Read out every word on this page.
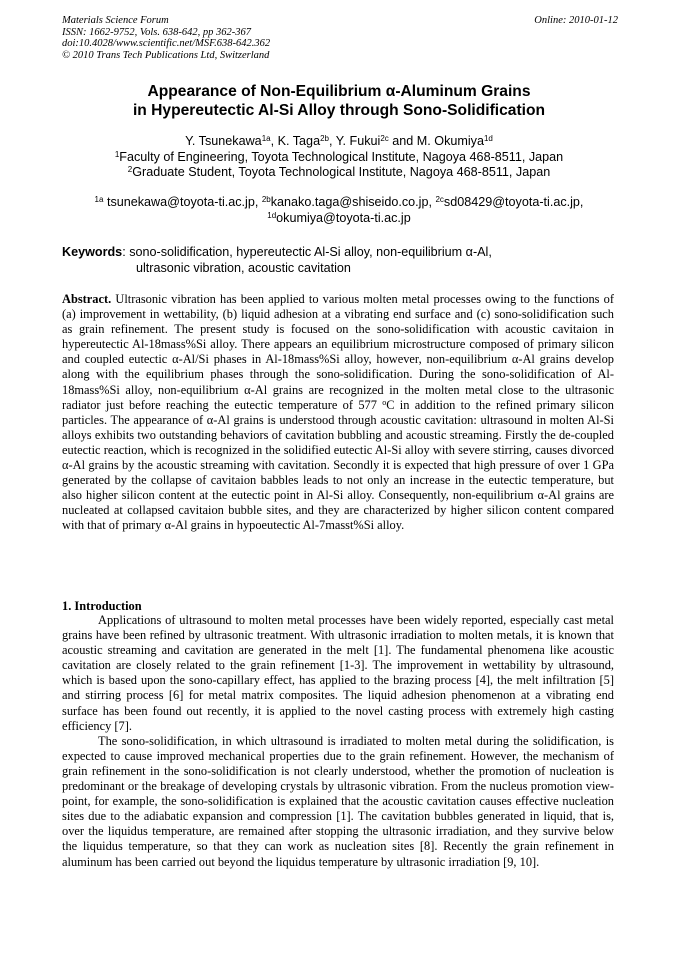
Materials Science Forum
ISSN: 1662-9752, Vols. 638-642, pp 362-367
doi:10.4028/www.scientific.net/MSF.638-642.362
© 2010 Trans Tech Publications Ltd, Switzerland
Online: 2010-01-12
Appearance of Non-Equilibrium α-Aluminum Grains
in Hypereutectic Al-Si Alloy through Sono-Solidification
Y. Tsunekawa$^{1a}$, K. Taga$^{2b}$, Y. Fukui$^{2c}$ and M. Okumiya$^{1d}$
$^1$Faculty of Engineering, Toyota Technological Institute, Nagoya 468-8511, Japan
$^2$Graduate Student, Toyota Technological Institute, Nagoya 468-8511, Japan
$^{1a}$ tsunekawa@toyota-ti.ac.jp, $^{2b}$kanako.taga@shiseido.co.jp, $^{2c}$sd08429@toyota-ti.ac.jp,
$^{1d}$okumiya@toyota-ti.ac.jp
Keywords: sono-solidification, hypereutectic Al-Si alloy, non-equilibrium α-Al,
ultrasonic vibration, acoustic cavitation
Abstract. Ultrasonic vibration has been applied to various molten metal processes owing to the functions of (a) improvement in wettability, (b) liquid adhesion at a vibrating end surface and (c) sono-solidification such as grain refinement. The present study is focused on the sono-solidification with acoustic cavitaion in hypereutectic Al-18mass%Si alloy. There appears an equilibrium microstructure composed of primary silicon and coupled eutectic α-Al/Si phases in Al-18mass%Si alloy, however, non-equilibrium α-Al grains develop along with the equilibrium phases through the sono-solidification. During the sono-solidification of Al-18mass%Si alloy, non-equilibrium α-Al grains are recognized in the molten metal close to the ultrasonic radiator just before reaching the eutectic temperature of 577 $^o$C in addition to the refined primary silicon particles. The appearance of α-Al grains is understood through acoustic cavitation: ultrasound in molten Al-Si alloys exhibits two outstanding behaviors of cavitation bubbling and acoustic streaming. Firstly the de-coupled eutectic reaction, which is recognized in the solidified eutectic Al-Si alloy with severe stirring, causes divorced α-Al grains by the acoustic streaming with cavitation. Secondly it is expected that high pressure of over 1 GPa generated by the collapse of cavitaion babbles leads to not only an increase in the eutectic temperature, but also higher silicon content at the eutectic point in Al-Si alloy. Consequently, non-equilibrium α-Al grains are nucleated at collapsed cavitaion bubble sites, and they are characterized by higher silicon content compared with that of primary α-Al grains in hypoeutectic Al-7masst%Si alloy.
1. Introduction

Applications of ultrasound to molten metal processes have been widely reported, especially cast metal grains have been refined by ultrasonic treatment. With ultrasonic irradiation to molten metals, it is known that acoustic streaming and cavitation are generated in the melt [1]. The fundamental phenomena like acoustic cavitation are closely related to the grain refinement [1-3]. The improvement in wettability by ultrasound, which is based upon the sono-capillary effect, has applied to the brazing process [4], the melt infiltration [5] and stirring process [6] for metal matrix composites. The liquid adhesion phenomenon at a vibrating end surface has been found out recently, it is applied to the novel casting process with extremely high casting efficiency [7].

The sono-solidification, in which ultrasound is irradiated to molten metal during the solidification, is expected to cause improved mechanical properties due to the grain refinement. However, the mechanism of grain refinement in the sono-solidification is not clearly understood, whether the promotion of nucleation is predominant or the breakage of developing crystals by ultrasonic vibration. From the nucleus promotion view-point, for example, the sono-solidification is explained that the acoustic cavitation causes effective nucleation sites due to the adiabatic expansion and compression [1]. The cavitation bubbles generated in liquid, that is, over the liquidus temperature, are remained after stopping the ultrasonic irradiation, and they survive below the liquidus temperature, so that they can work as nucleation sites [8]. Recently the grain refinement in aluminum has been carried out beyond the liquidus temperature by ultrasonic irradiation [9, 10].
